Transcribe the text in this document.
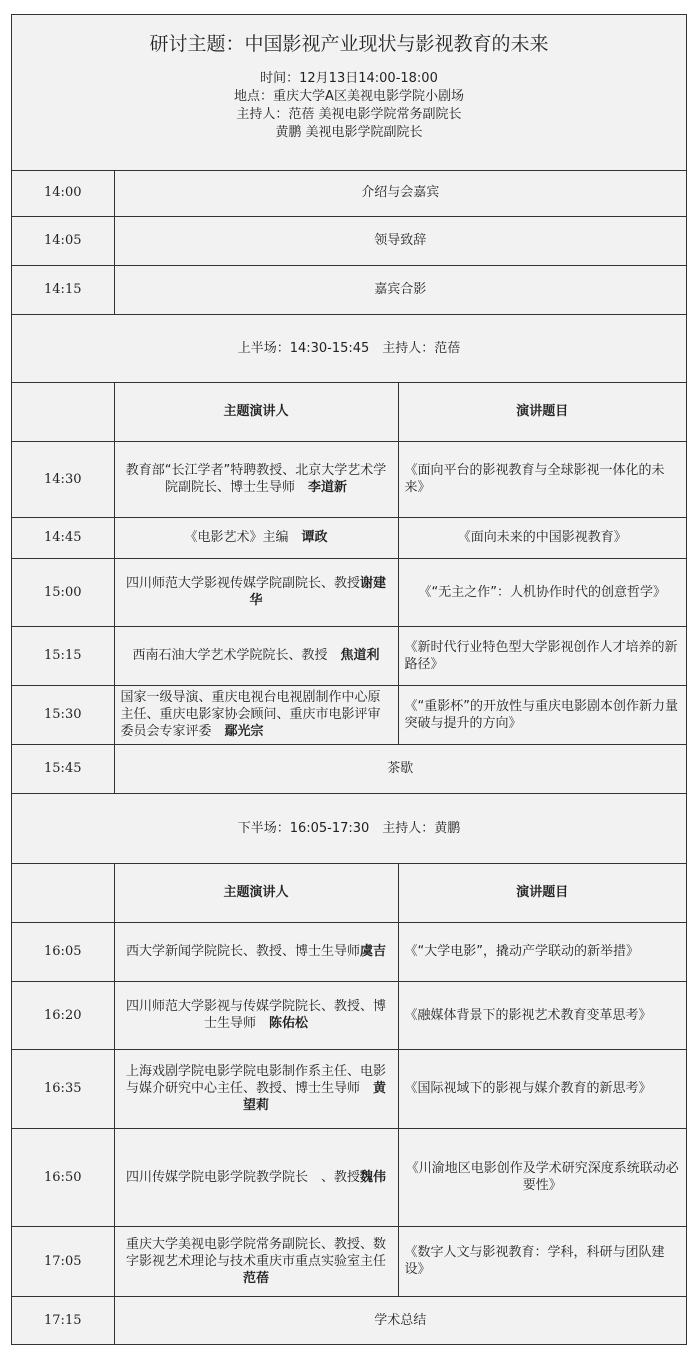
研讨主题：中国影视产业现状与影视教育的未来
时间：12月13日14:00-18:00
地点：重庆大学A区美视电影学院小剧场
主持人：范蓓 美视电影学院常务副院长
黄鹏 美视电影学院副院长
14:00	介绍与会嘉宾	
14:05	领导致辞	
14:15	嘉宾合影	
上半场：14:30-15:45　主持人：范蓓		
	主题演讲人	演讲题目
14:30	教育部“长江学者”特聘教授、北京大学艺术学院副院长、博士生导师　李道新	《面向平台的影视教育与全球影视一体化的未来》
14:45	《电影艺术》主编　谭政	《面向未来的中国影视教育》
15:00	四川师范大学影视传媒学院副院长、教授谢建华	《“无主之作”：人机协作时代的创意哲学》
15:15	西南石油大学艺术学院院长、教授　焦道利	《新时代行业特色型大学影视创作人才培养的新路径》
15:30	国家一级导演、重庆电视台电视剧制作中心原主任、重庆电影家协会顾问、重庆市电影评审委员会专家评委　鄢光宗	《“重影杯”的开放性与重庆电影剧本创作新力量突破与提升的方向》
15:45	茶歇	
下半场：16:05-17:30　主持人：黄鹏		
	主题演讲人	演讲题目
16:05	西大学新闻学院院长、教授、博士生导师虞吉	《“大学电影”，撬动产学联动的新举措》
16:20	四川师范大学影视与传媒学院院长、教授、博士生导师　陈佑松	《融媒体背景下的影视艺术教育变革思考》
16:35	上海戏剧学院电影学院电影制作系主任、电影与媒介研究中心主任、教授、博士生导师　黄望莉	《国际视域下的影视与媒介教育的新思考》
16:50	四川传媒学院电影学院教学院长　、教授魏伟	《川渝地区电影创作及学术研究深度系统联动必要性》
17:05	重庆大学美视电影学院常务副院长、教授、数字影视艺术理论与技术重庆市重点实验室主任　范蓓	《数字人文与影视教育：学科，科研与团队建设》
17:15	学术总结	
